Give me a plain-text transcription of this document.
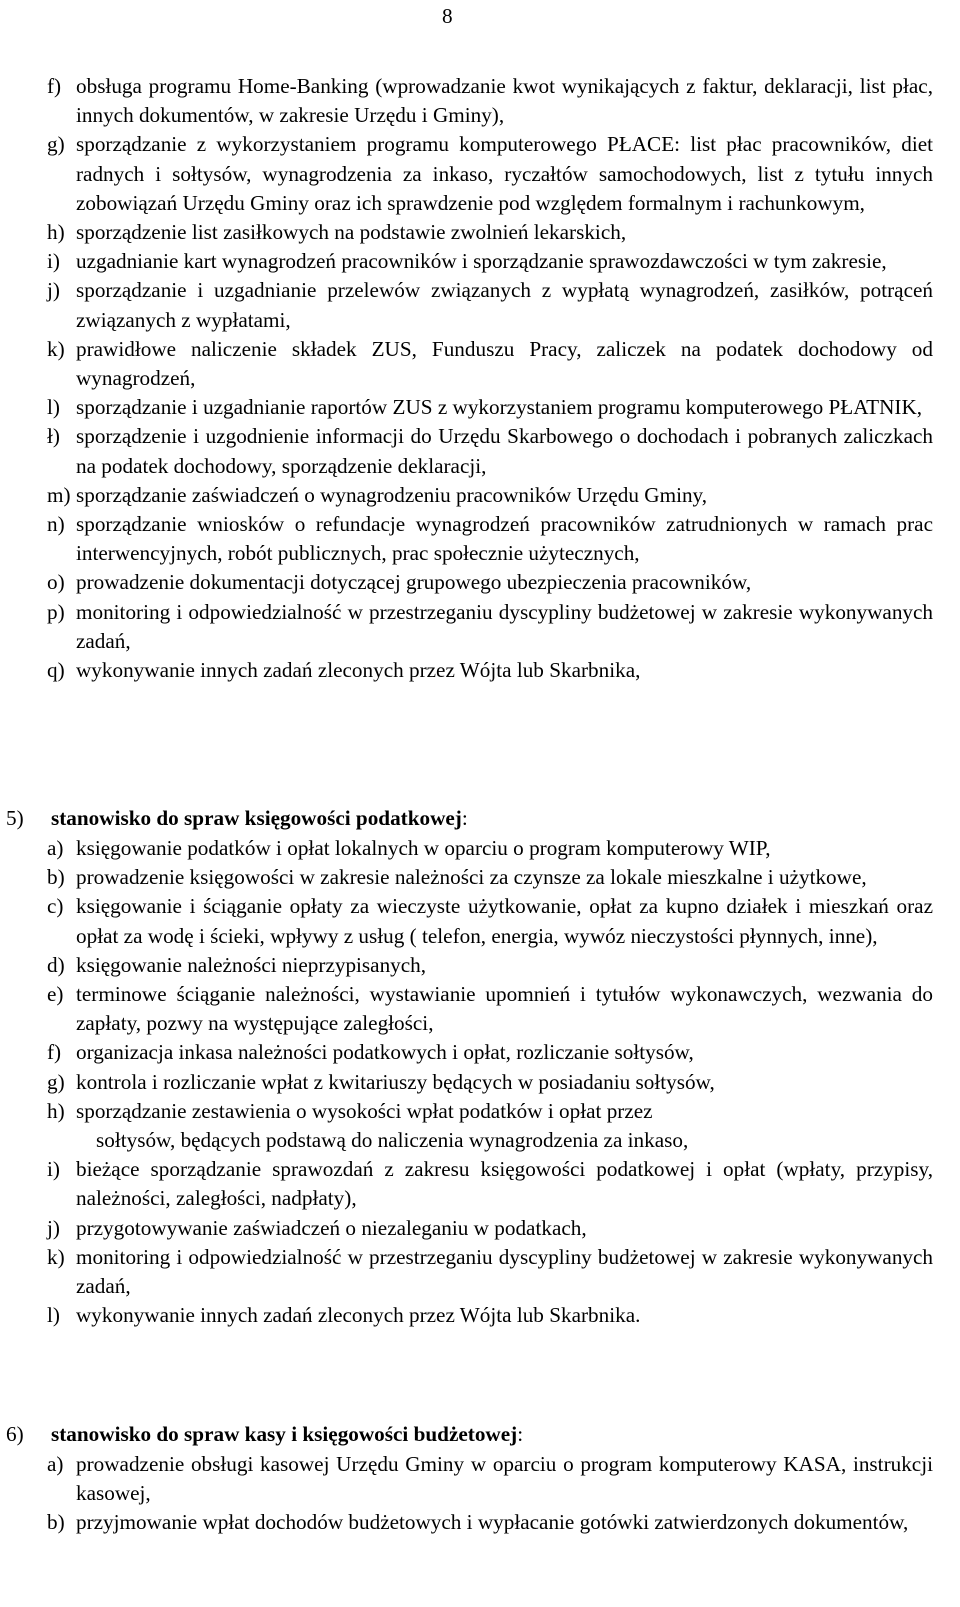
8
f) obsługa programu Home-Banking (wprowadzanie kwot wynikających z faktur, deklaracji, list płac, innych dokumentów, w zakresie Urzędu i Gminy),
g) sporządzanie z wykorzystaniem programu komputerowego PŁACE: list płac pracowników, diet radnych i sołtysów, wynagrodzenia za inkaso, ryczałtów samochodowych, list z tytułu innych zobowiązań Urzędu Gminy oraz ich sprawdzenie pod względem formalnym i rachunkowym,
h) sporządzenie list zasiłkowych na podstawie zwolnień lekarskich,
i) uzgadnianie kart wynagrodzeń pracowników i sporządzanie sprawozdawczości w tym zakresie,
j) sporządzanie i uzgadnianie przelewów związanych z wypłatą wynagrodzeń, zasiłków, potrąceń związanych z wypłatami,
k) prawidłowe naliczenie składek ZUS, Funduszu Pracy, zaliczek na podatek dochodowy od wynagrodzeń,
l) sporządzanie i uzgadnianie raportów ZUS z wykorzystaniem programu komputerowego PŁATNIK,
ł) sporządzenie i uzgodnienie informacji do Urzędu Skarbowego o dochodach i pobranych zaliczkach na podatek dochodowy, sporządzenie deklaracji,
m) sporządzanie zaświadczeń o wynagrodzeniu pracowników Urzędu Gminy,
n) sporządzanie wniosków o refundacje wynagrodzeń pracowników zatrudnionych w ramach prac interwencyjnych, robót publicznych, prac społecznie użytecznych,
o) prowadzenie dokumentacji dotyczącej grupowego ubezpieczenia pracowników,
p) monitoring i odpowiedzialność w przestrzeganiu dyscypliny budżetowej w zakresie wykonywanych zadań,
q) wykonywanie innych zadań zleconych przez Wójta lub Skarbnika,
5) stanowisko do spraw księgowości podatkowej:
a) księgowanie podatków i opłat lokalnych w oparciu o program komputerowy WIP,
b) prowadzenie księgowości w zakresie należności za czynsze za lokale mieszkalne i użytkowe,
c) księgowanie i ściąganie opłaty za wieczyste użytkowanie, opłat za kupno działek i mieszkań oraz opłat za wodę i ścieki, wpływy z usług ( telefon, energia, wywóz nieczystości płynnych, inne),
d) księgowanie należności nieprzypisanych,
e) terminowe ściąganie należności, wystawianie upomnień i tytułów wykonawczych, wezwania do zapłaty, pozwy na występujące zaległości,
f) organizacja inkasa należności podatkowych i opłat, rozliczanie sołtysów,
g) kontrola i rozliczanie wpłat z kwitariuszy będących w posiadaniu sołtysów,
h) sporządzanie zestawienia o wysokości wpłat podatków i opłat przez
sołtysów, będących podstawą do naliczenia wynagrodzenia za inkaso,
i) bieżące sporządzanie sprawozdań z zakresu księgowości podatkowej i opłat (wpłaty, przypisy, należności, zaległości, nadpłaty),
j) przygotowywanie zaświadczeń o niezaleganiu w podatkach,
k) monitoring i odpowiedzialność w przestrzeganiu dyscypliny budżetowej w zakresie wykonywanych zadań,
l) wykonywanie innych zadań zleconych przez Wójta lub Skarbnika.
6) stanowisko do spraw kasy i księgowości budżetowej:
a) prowadzenie obsługi kasowej Urzędu Gminy w oparciu o program komputerowy KASA, instrukcji kasowej,
b) przyjmowanie wpłat dochodów budżetowych i wypłacanie gotówki zatwierdzonych dokumentów,
